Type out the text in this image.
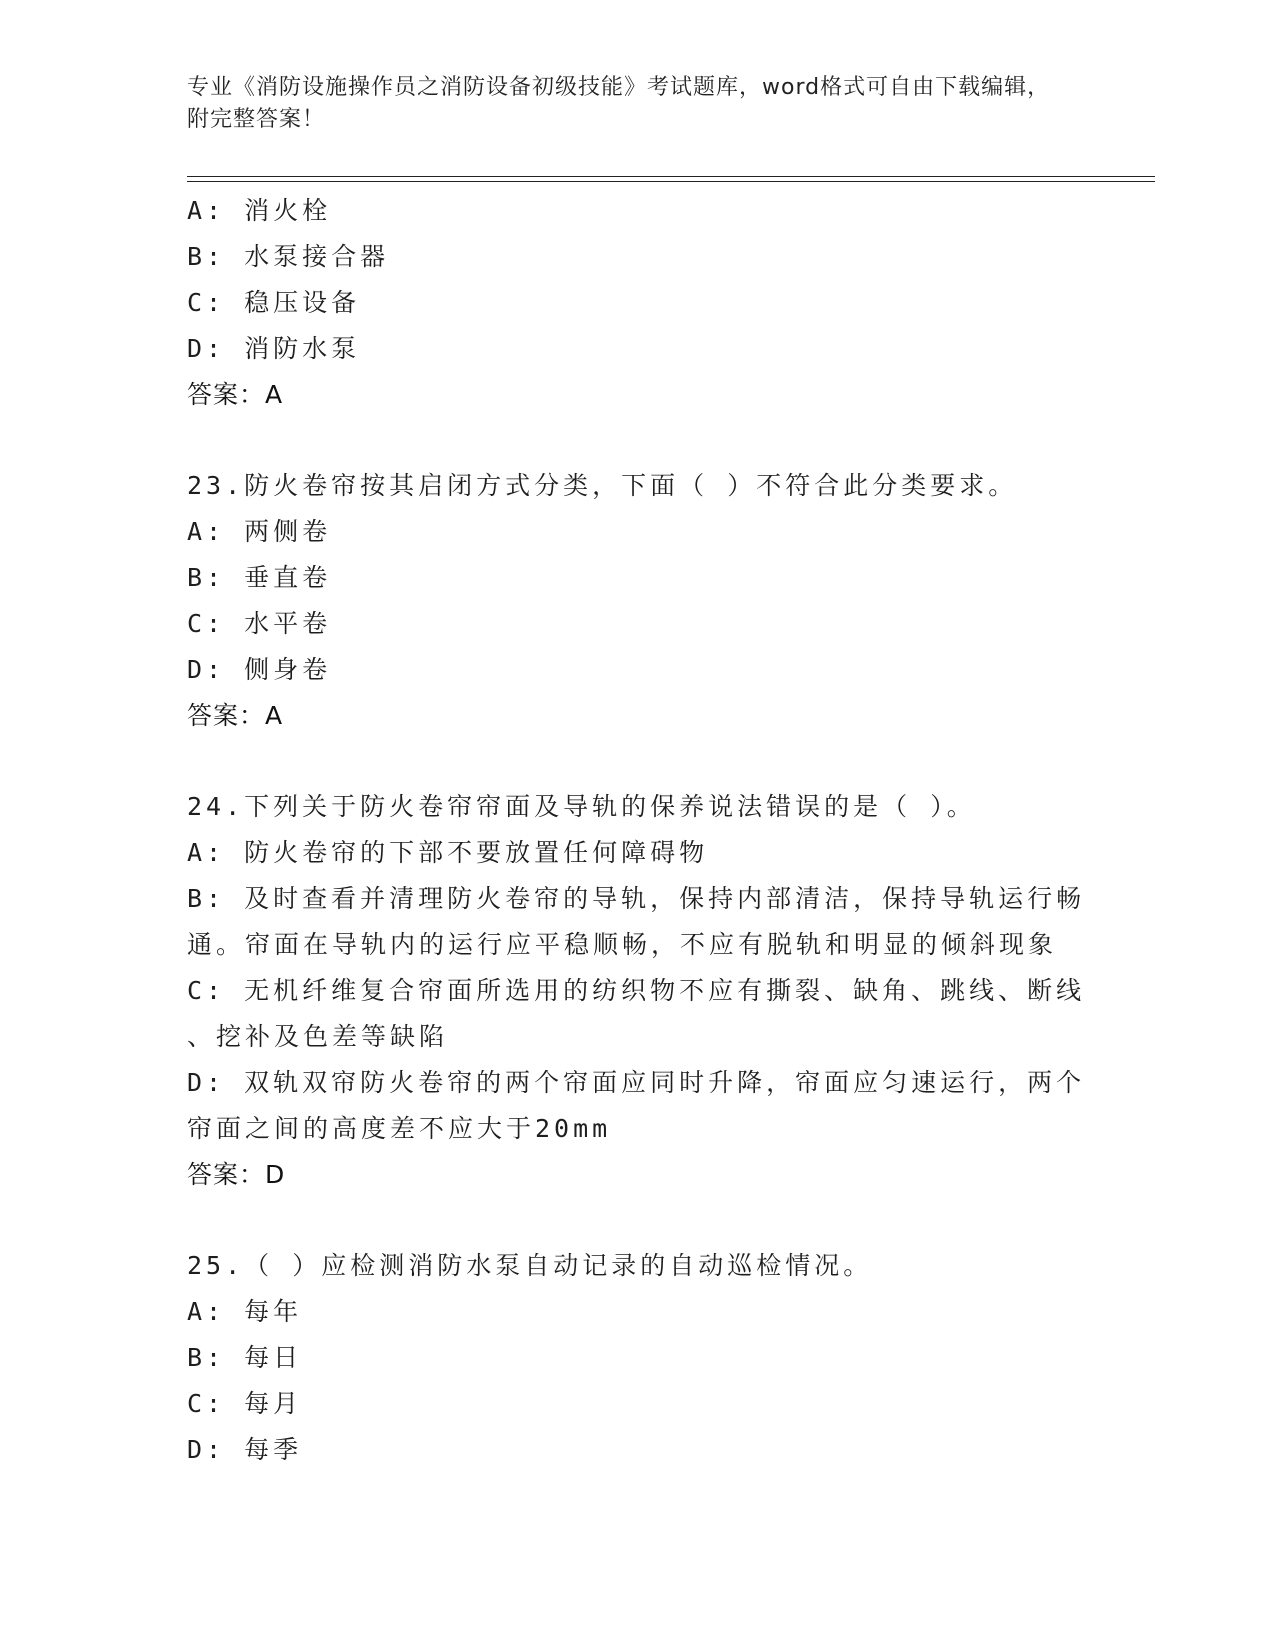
专业《消防设施操作员之消防设备初级技能》考试题库，word格式可自由下载编辑，附完整答案！
A: 消火栓
B: 水泵接合器
C: 稳压设备
D: 消防水泵
答案：A
23.防火卷帘按其启闭方式分类，下面（ ）不符合此分类要求。
A: 两侧卷
B: 垂直卷
C: 水平卷
D: 侧身卷
答案：A
24.下列关于防火卷帘帘面及导轨的保养说法错误的是（ ）。
A: 防火卷帘的下部不要放置任何障碍物
B: 及时查看并清理防火卷帘的导轨，保持内部清洁，保持导轨运行畅
通。帘面在导轨内的运行应平稳顺畅，不应有脱轨和明显的倾斜现象
C: 无机纤维复合帘面所选用的纺织物不应有撕裂、缺角、跳线、断线
、挖补及色差等缺陷
D: 双轨双帘防火卷帘的两个帘面应同时升降，帘面应匀速运行，两个
帘面之间的高度差不应大于20mm
答案：D
25.（ ）应检测消防水泵自动记录的自动巡检情况。
A: 每年
B: 每日
C: 每月
D: 每季
